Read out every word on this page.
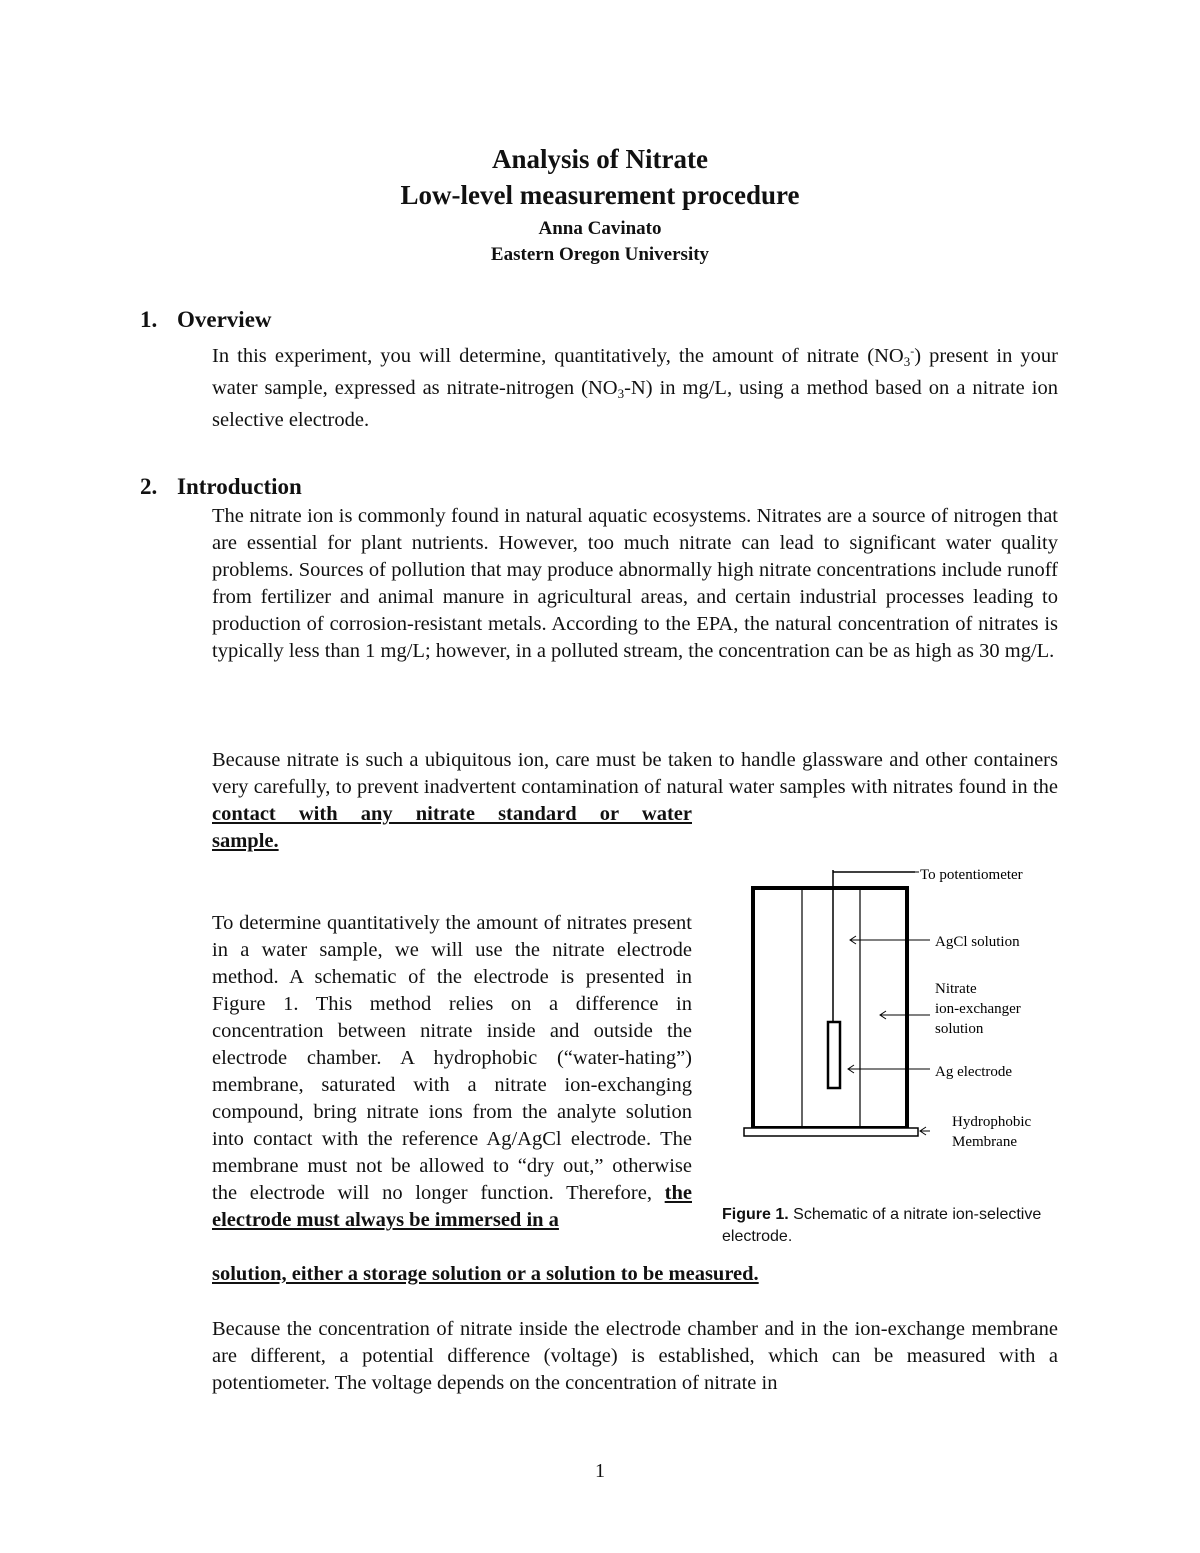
Analysis of Nitrate
Low-level measurement procedure
Anna Cavinato
Eastern Oregon University
1. Overview
In this experiment, you will determine, quantitatively, the amount of nitrate $(NO_3^-)$ present in your water sample, expressed as nitrate-nitrogen $(NO_3-N)$ in mg/L, using a method based on a nitrate ion selective electrode.
2. Introduction
The nitrate ion is commonly found in natural aquatic ecosystems. Nitrates are a source of nitrogen that are essential for plant nutrients. However, too much nitrate can lead to significant water quality problems. Sources of pollution that may produce abnormally high nitrate concentrations include runoff from fertilizer and animal manure in agricultural areas, and certain industrial processes leading to production of corrosion-resistant metals. According to the EPA, the natural concentration of nitrates is typically less than 1 mg/L; however, in a polluted stream, the concentration can be as high as 30 mg/L.
Because nitrate is such a ubiquitous ion, care must be taken to handle glassware and other containers very carefully, to prevent inadvertent contamination of natural water samples with nitrates found in the
contact with any nitrate standard or water
sample.
To determine quantitatively the amount of nitrates present in a water sample, we will use the nitrate electrode method. A schematic of the electrode is presented in Figure 1. This method relies on a difference in concentration between nitrate inside and outside the electrode chamber. A hydrophobic (“water-hating”) membrane, saturated with a nitrate ion-exchanging compound, bring nitrate ions from the analyte solution into contact with the reference Ag/AgCl electrode. The membrane must not be allowed to “dry out,” otherwise the electrode will no longer function. Therefore, the electrode must always be immersed in a
solution, either a storage solution or a solution to be measured.
Because the concentration of nitrate inside the electrode chamber and in the ion-exchange membrane are different, a potential difference (voltage) is established, which can be measured with a potentiometer. The voltage depends on the concentration of nitrate in
To potentiometer
AgCl solution
Nitrate
ion-exchanger
solution
Ag electrode
Hydrophobic
Membrane
Figure 1. Schematic of a nitrate ion-selective electrode.
1
